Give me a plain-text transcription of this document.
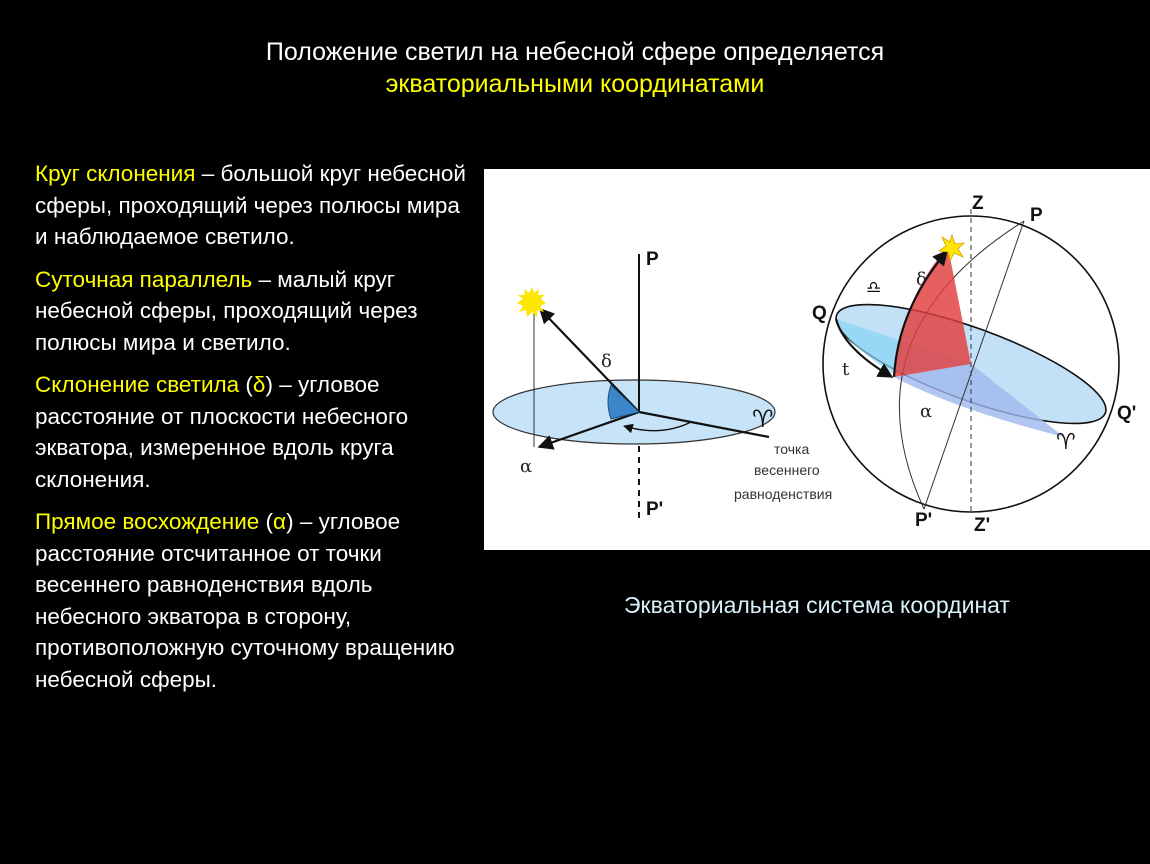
Положение светил на небесной сфере определяется
экваториальными координатами

Круг склонения – большой круг небесной сферы, проходящий через полюсы мира и наблюдаемое светило.

Суточная параллель – малый круг небесной сферы, проходящий через полюсы мира и светило.

Склонение светила (δ) – угловое расстояние от плоскости небесного экватора, измеренное вдоль круга склонения.

Прямое восхождение (α) – угловое расстояние отсчитанное от точки весеннего равноденствия вдоль небесного экватора в сторону, противоположную суточному вращению небесной сферы.

P
P'
δ
α
♈
точка
весеннего
равноденствия
Z
P
Q
Q'
P' Z'
t
δ
α
♎
♈
Экваториальная система координат
